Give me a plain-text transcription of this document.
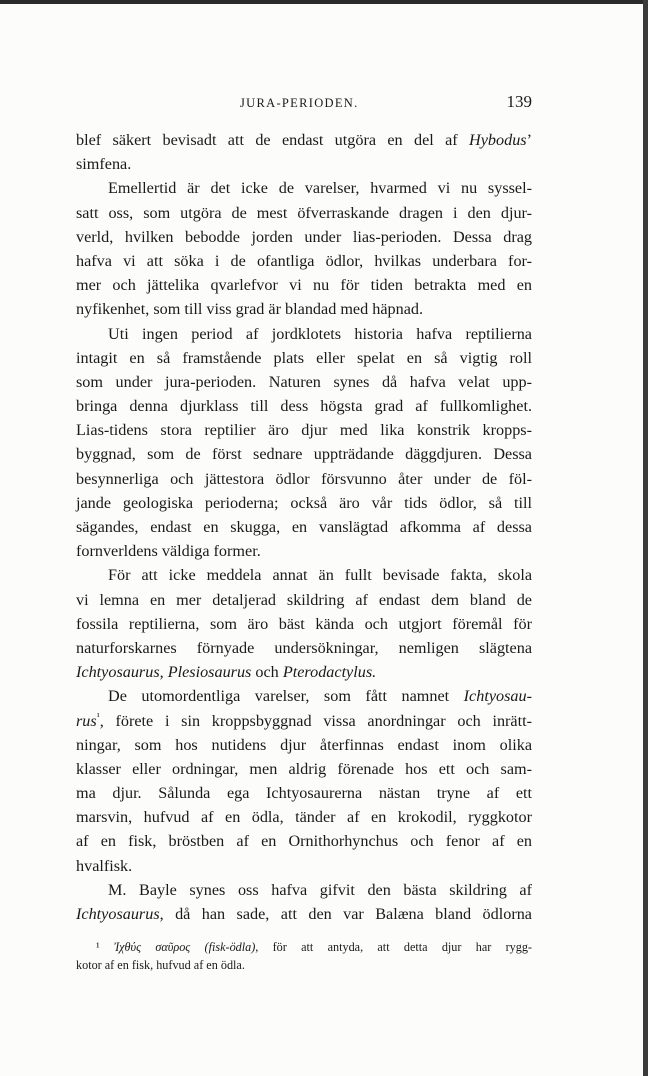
JURA-PERIODEN.	139
blef säkert bevisadt att de endast utgöra en del af Hybodus’
simfena.
Emellertid är det icke de varelser, hvarmed vi nu syssel-
satt oss, som utgöra de mest öfverraskande dragen i den djur-
verld, hvilken bebodde jorden under lias-perioden. Dessa drag
hafva vi att söka i de ofantliga ödlor, hvilkas underbara for-
mer och jättelika qvarlefvor vi nu för tiden betrakta med en
nyfikenhet, som till viss grad är blandad med häpnad.
Uti ingen period af jordklotets historia hafva reptilierna
intagit en så framstående plats eller spelat en så vigtig roll
som under jura-perioden. Naturen synes då hafva velat upp-
bringa denna djurklass till dess högsta grad af fullkomlighet.
Lias-tidens stora reptilier äro djur med lika konstrik kropps-
byggnad, som de först sednare uppträdande däggdjuren. Dessa
besynnerliga och jättestora ödlor försvunno åter under de föl-
jande geologiska perioderna; också äro vår tids ödlor, så till
sägandes, endast en skugga, en vanslägtad afkomma af dessa
fornverldens väldiga former.
För att icke meddela annat än fullt bevisade fakta, skola
vi lemna en mer detaljerad skildring af endast dem bland de
fossila reptilierna, som äro bäst kända och utgjort föremål för
naturforskarnes förnyade undersökningar, nemligen slägtena
Ichtyosaurus, Plesiosaurus och Pterodactylus.
De utomordentliga varelser, som fått namnet Ichtyosau-
rus$^{^1}$, förete i sin kroppsbyggnad vissa anordningar och inrätt-
ningar, som hos nutidens djur återfinnas endast inom olika
klasser eller ordningar, men aldrig förenade hos ett och sam-
ma djur. Sålunda ega Ichtyosaurerna nästan tryne af ett
marsvin, hufvud af en ödla, tänder af en krokodil, ryggkotor
af en fisk, bröstben af en Ornithorhynchus och fenor af en
hvalfisk.
M. Bayle synes oss hafva gifvit den bästa skildring af
Ichtyosaurus, då han sade, att den var Balæna bland ödlorna
¹ Ἰχθύς σαῦρος (fisk-ödla), för att antyda, att detta djur har rygg-
kotor af en fisk, hufvud af en ödla.
